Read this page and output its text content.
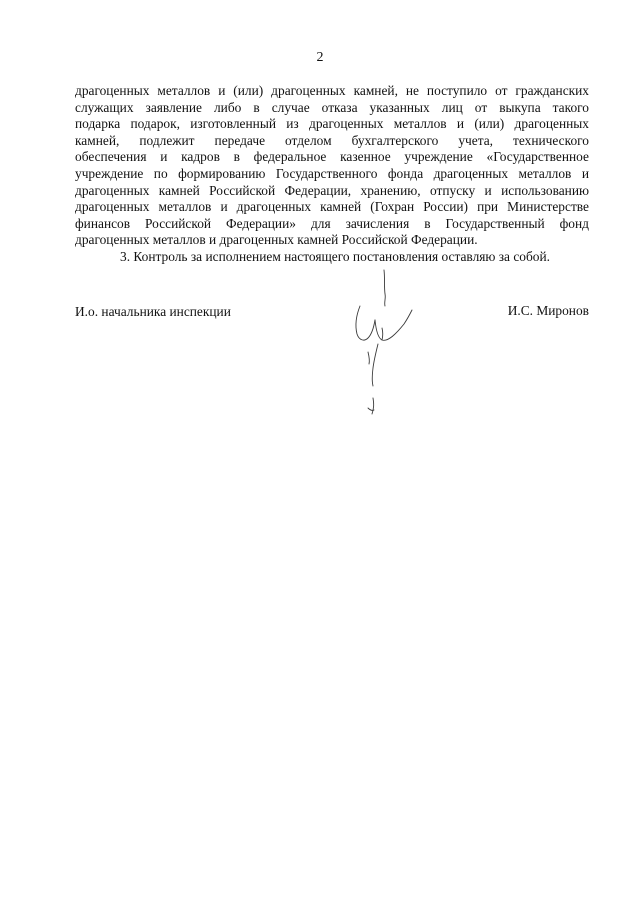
2

драгоценных металлов и (или) драгоценных камней, не поступило от гражданских
служащих заявление либо в случае отказа указанных лиц от выкупа такого
подарка подарок, изготовленный из драгоценных металлов и (или) драгоценных
камней, подлежит передаче отделом бухгалтерского учета, технического
обеспечения и кадров в федеральное казенное учреждение «Государственное
учреждение по формированию Государственного фонда драгоценных металлов и
драгоценных камней Российской Федерации, хранению, отпуску и использованию
драгоценных металлов и драгоценных камней (Гохран России) при Министерстве
финансов Российской Федерации» для зачисления в Государственный фонд
драгоценных металлов и драгоценных камней Российской Федерации.

3. Контроль за исполнением настоящего постановления оставляю за собой.

И.о. начальника инспекции	И.С. Миронов
